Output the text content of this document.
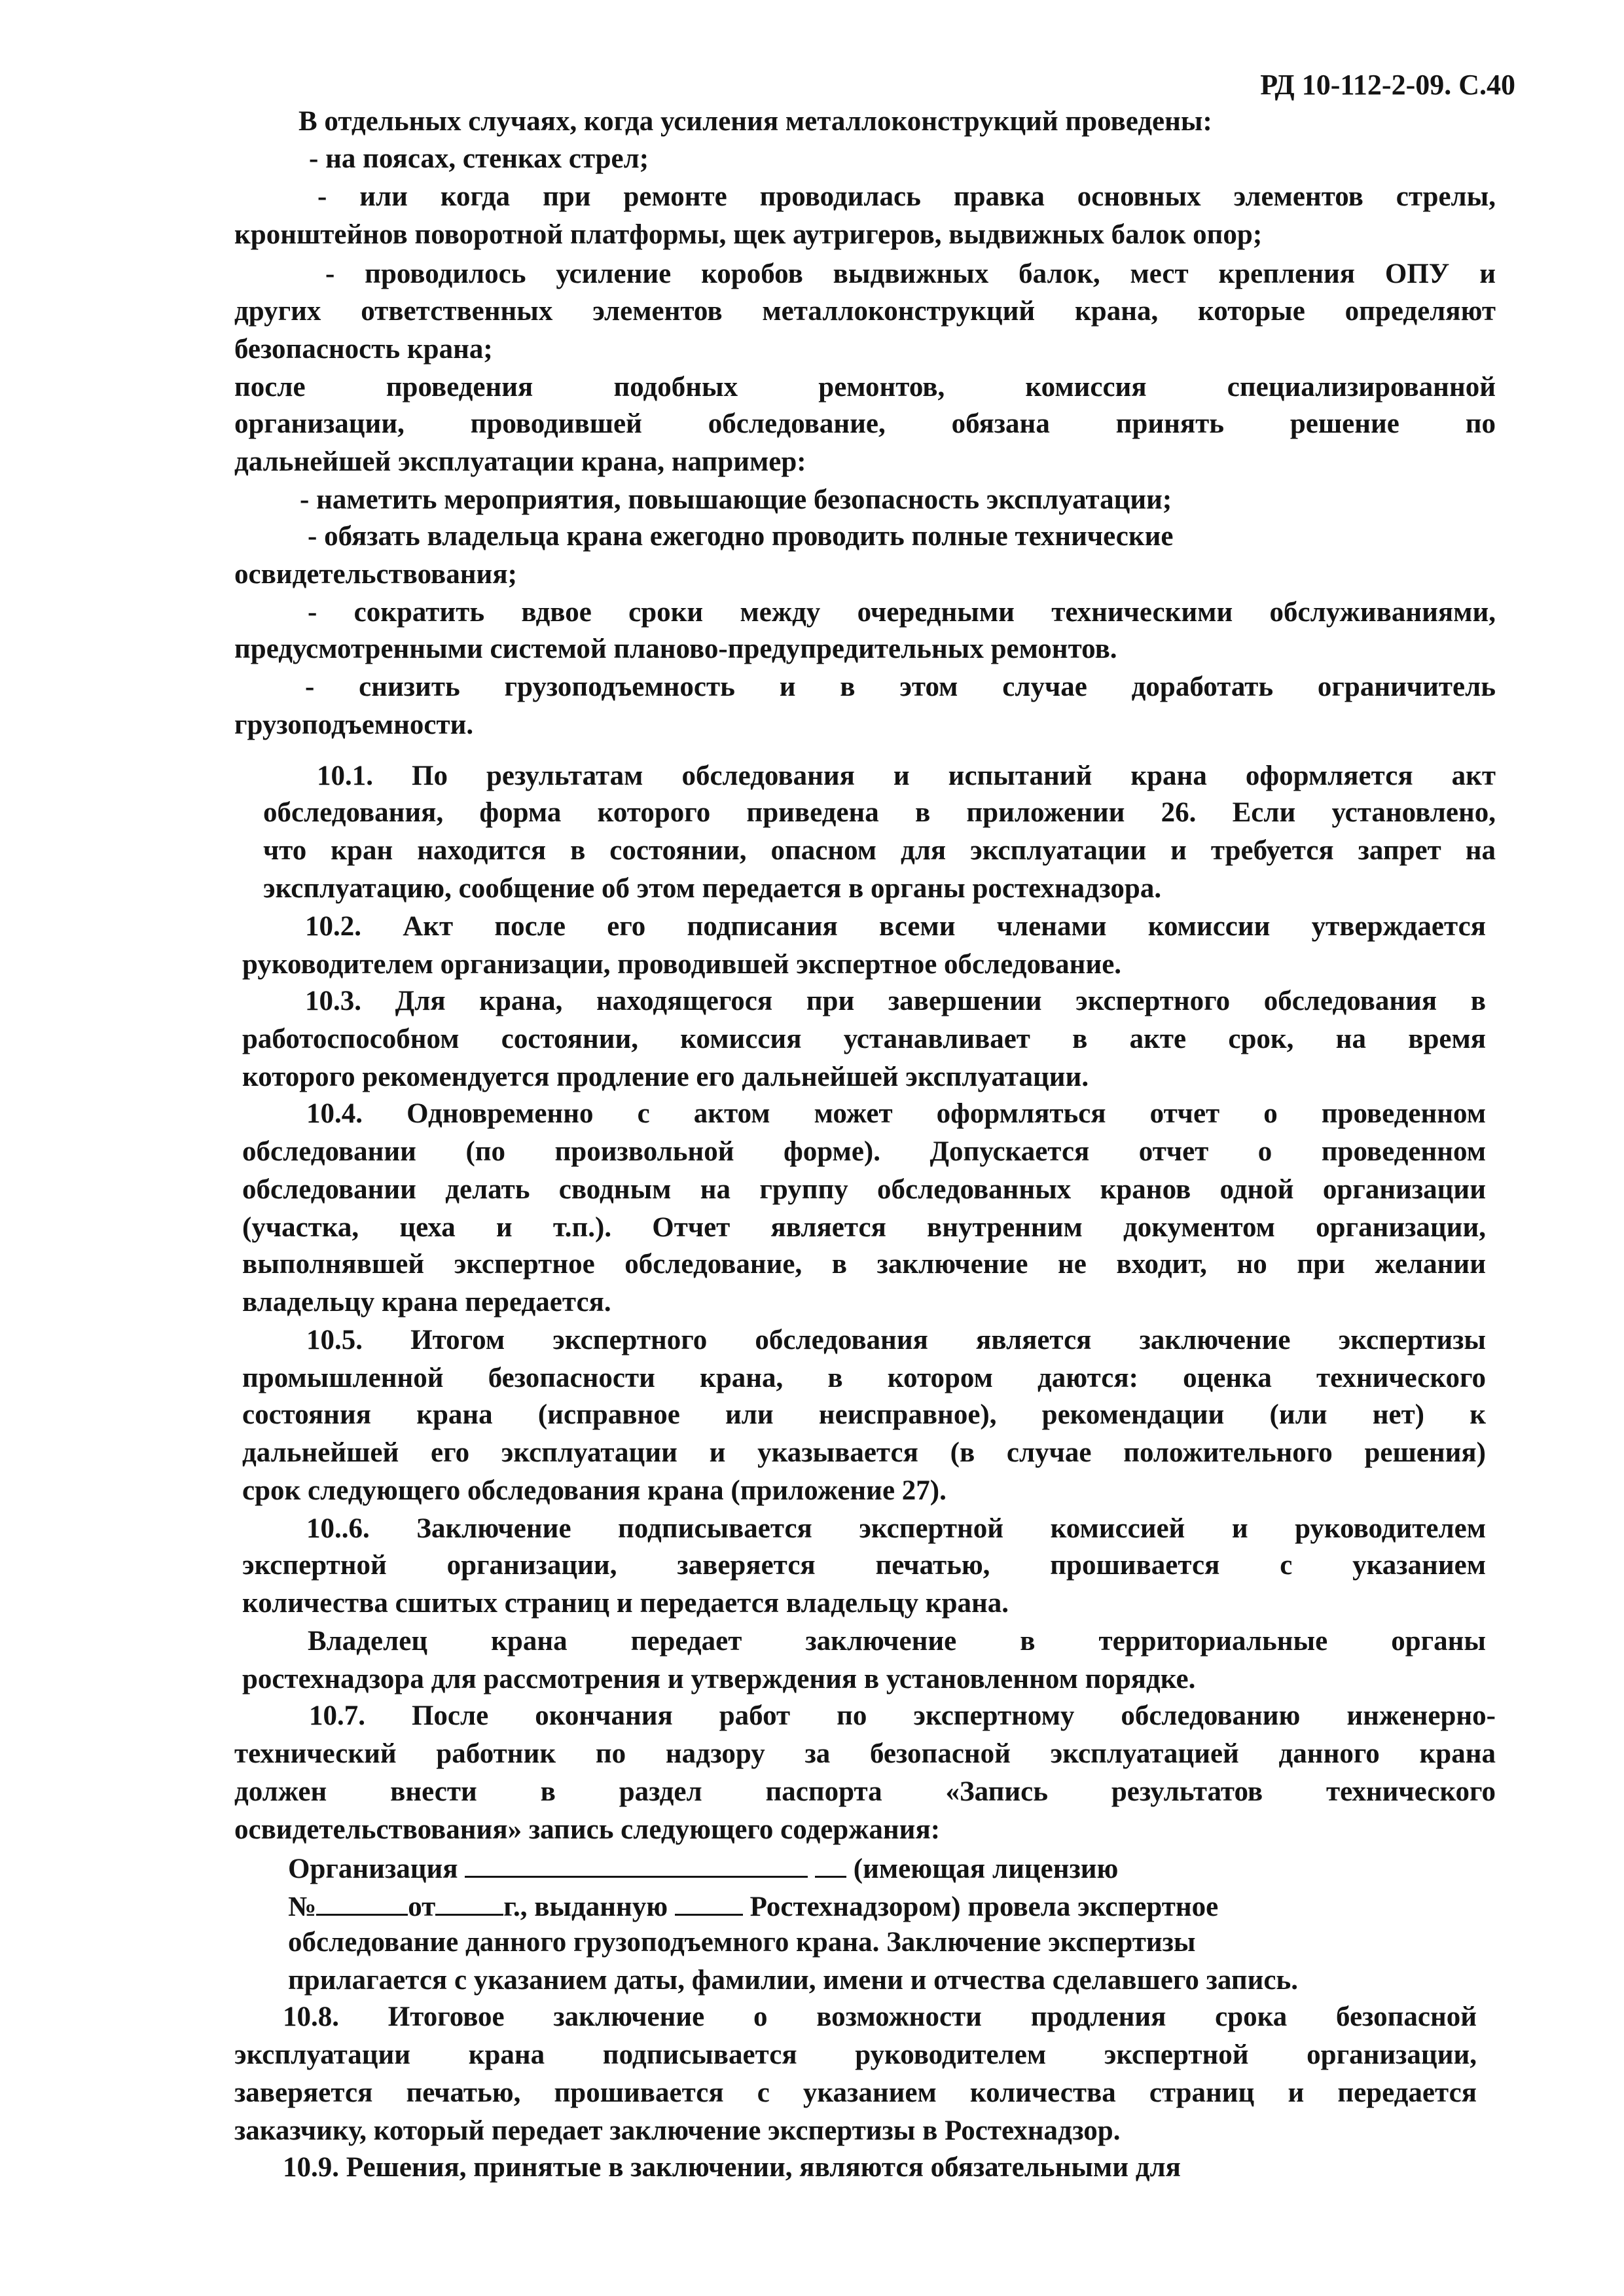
РД 10-112-2-09. С.40
В отдельных случаях, когда усиления металлоконструкций проведены:
- на поясах, стенках стрел;
- или когда при ремонте проводилась правка основных элементов стрелы,
кронштейнов поворотной платформы, щек аутригеров, выдвижных балок опор;
- проводилось усиление коробов выдвижных балок, мест крепления ОПУ и
других ответственных элементов металлоконструкций крана, которые определяют
безопасность крана;
после проведения подобных ремонтов, комиссия специализированной
организации, проводившей обследование, обязана принять решение по
дальнейшей эксплуатации крана, например:
- наметить мероприятия, повышающие безопасность эксплуатации;
- обязать владельца крана ежегодно проводить полные технические
освидетельствования;
- сократить вдвое сроки между очередными техническими обслуживаниями,
предусмотренными системой планово-предупредительных ремонтов.
- снизить грузоподъемность и в этом случае доработать ограничитель
грузоподъемности.
10.1. По результатам обследования и испытаний крана оформляется акт
обследования, форма которого приведена в приложении 26. Если установлено,
что кран находится в состоянии, опасном для эксплуатации и требуется запрет на
эксплуатацию, сообщение об этом передается в органы ростехнадзора.
10.2. Акт после его подписания всеми членами комиссии утверждается
руководителем организации, проводившей экспертное обследование.
10.3. Для крана, находящегося при завершении экспертного обследования в
работоспособном состоянии, комиссия устанавливает в акте срок, на время
которого рекомендуется продление его дальнейшей эксплуатации.
10.4. Одновременно с актом может оформляться отчет о проведенном
обследовании (по произвольной форме). Допускается отчет о проведенном
обследовании делать сводным на группу обследованных кранов одной организации
(участка, цеха и т.п.). Отчет является внутренним документом организации,
выполнявшей экспертное обследование, в заключение не входит, но при желании
владельцу крана передается.
10.5. Итогом экспертного обследования является заключение экспертизы
промышленной безопасности крана, в котором даются: оценка технического
состояния крана (исправное или неисправное), рекомендации (или нет) к
дальнейшей его эксплуатации и указывается (в случае положительного решения)
срок следующего обследования крана (приложение 27).
10..6. Заключение подписывается экспертной комиссией и руководителем
экспертной организации, заверяется печатью, прошивается с указанием
количества сшитых страниц и передается владельцу крана.
Владелец крана передает заключение в территориальные органы
ростехнадзора для рассмотрения и утверждения в установленном порядке.
10.7. После окончания работ по экспертному обследованию инженерно-
технический работник по надзору за безопасной эксплуатацией данного крана
должен внести в раздел паспорта «Запись результатов технического
освидетельствования» запись следующего содержания:
Организация	(имеющая лицензию
№	от г., выданную	Ростехнадзором) провела экспертное
обследование данного грузоподъемного крана. Заключение экспертизы
прилагается с указанием даты, фамилии, имени и отчества сделавшего запись.
10.8. Итоговое заключение о возможности продления срока безопасной
эксплуатации крана подписывается руководителем экспертной организации,
заверяется печатью, прошивается с указанием количества страниц и передается
заказчику, который передает заключение экспертизы в Ростехнадзор.
10.9. Решения, принятые в заключении, являются обязательными для
